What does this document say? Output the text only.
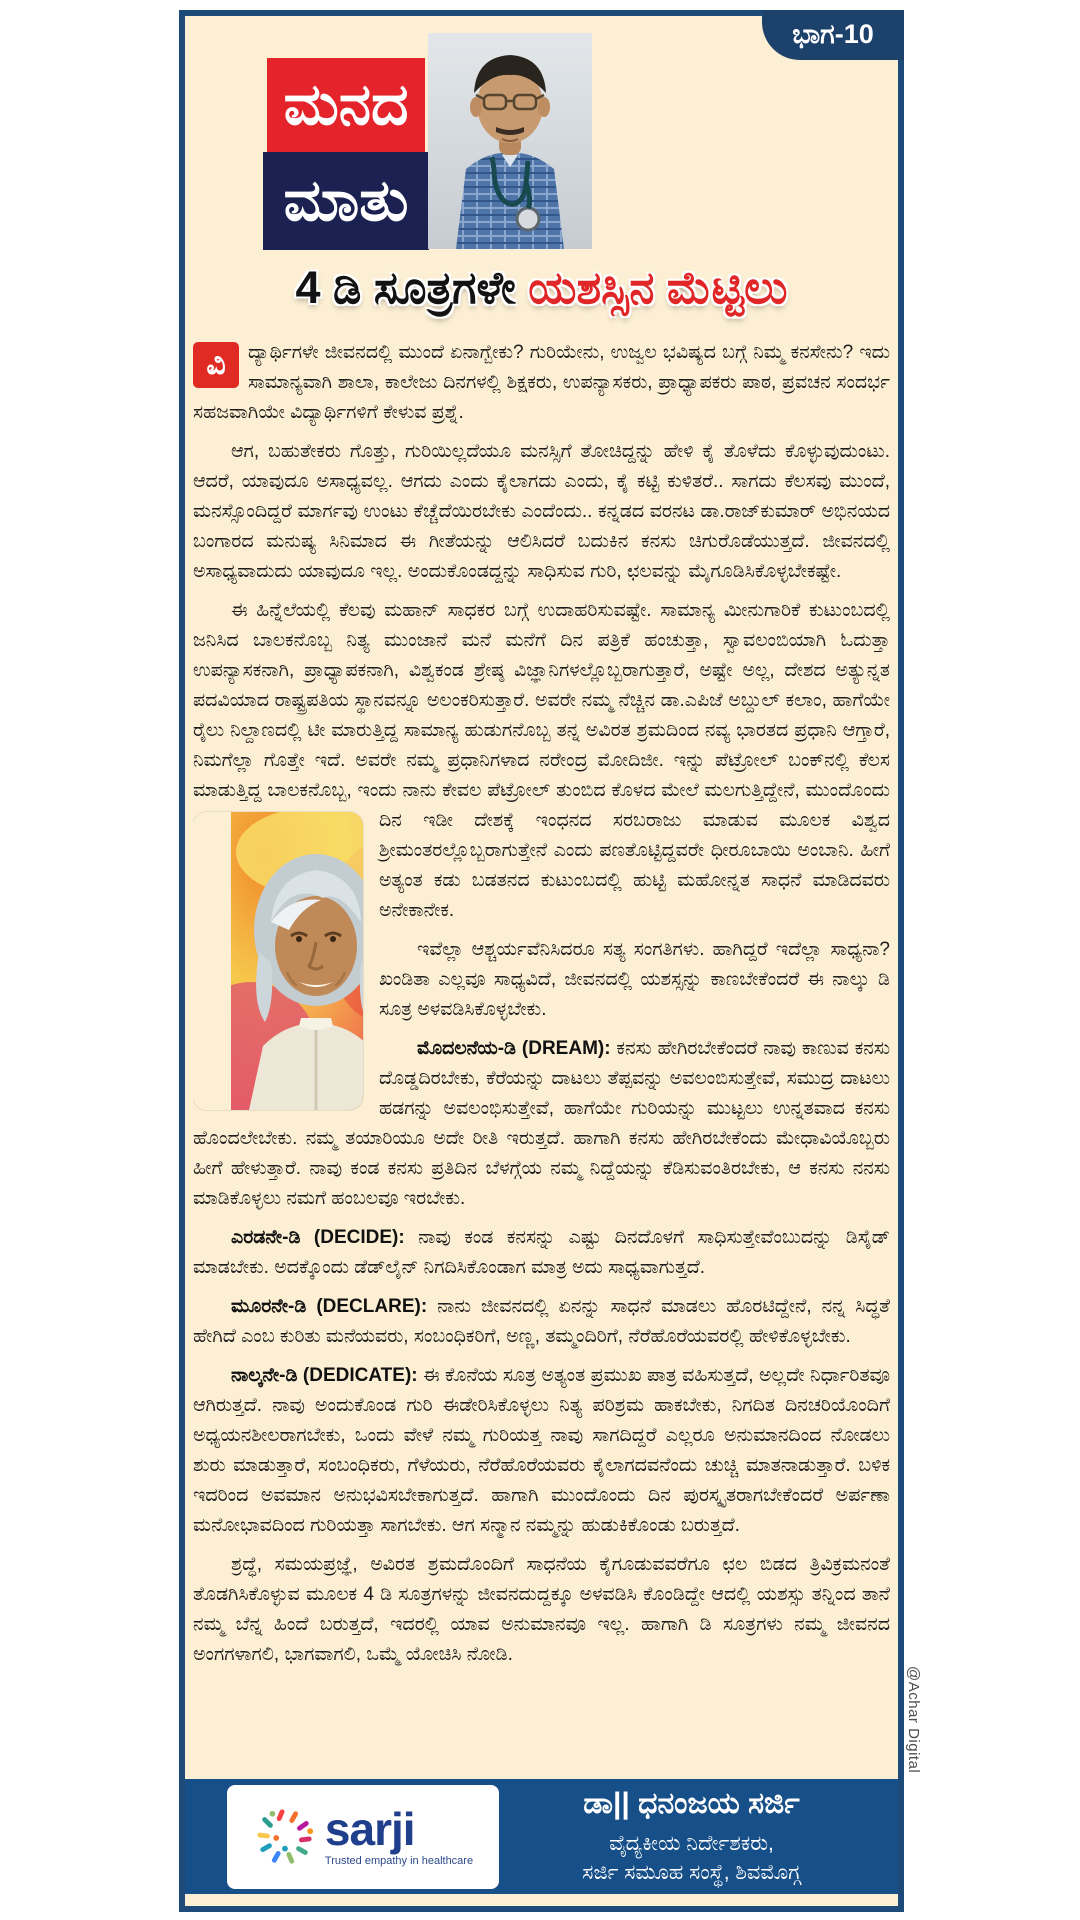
ಮನದ
ಮಾತು
ಭಾಗ-10
4 ಡಿ ಸೂತ್ರಗಳೇ ಯಶಸ್ಸಿನ ಮೆಟ್ಟಿಲು

ವಿ	ದ್ಯಾರ್ಥಿಗಳೇ ಜೀವನದಲ್ಲಿ ಮುಂದೆ ಏನಾಗ್ಬೇಕು? ಗುರಿಯೇನು, ಉಜ್ವಲ ಭವಿಷ್ಯದ ಬಗ್ಗೆ ನಿಮ್ಮ ಕನಸೇನು? ಇದು ಸಾಮಾನ್ಯವಾಗಿ ಶಾಲಾ, ಕಾಲೇಜು ದಿನಗಳಲ್ಲಿ ಶಿಕ್ಷಕರು, ಉಪನ್ಯಾಸಕರು, ಪ್ರಾಧ್ಯಾಪಕರು ಪಾಠ, ಪ್ರವಚನ ಸಂದರ್ಭ ಸಹಜವಾಗಿಯೇ ವಿದ್ಯಾರ್ಥಿಗಳಿಗೆ ಕೇಳುವ ಪ್ರಶ್ನೆ.

ಆಗ, ಬಹುತೇಕರು ಗೊತ್ತು, ಗುರಿಯಿಲ್ಲದೆಯೂ ಮನಸ್ಸಿಗೆ ತೋಚಿದ್ದನ್ನು ಹೇಳಿ ಕೈ ತೊಳೆದು ಕೊಳ್ಳುವುದುಂಟು. ಆದರೆ, ಯಾವುದೂ ಅಸಾಧ್ಯವಲ್ಲ. ಆಗದು ಎಂದು ಕೈಲಾಗದು ಎಂದು, ಕೈ ಕಟ್ಟಿ ಕುಳಿತರೆ.. ಸಾಗದು ಕೆಲಸವು ಮುಂದೆ, ಮನಸ್ಸೊಂದಿದ್ದರೆ ಮಾರ್ಗವು ಉಂಟು ಕೆಚ್ಚೆದೆಯಿರಬೇಕು ಎಂದೆಂದು.. ಕನ್ನಡದ ವರನಟ ಡಾ.ರಾಜ್‌ಕುಮಾರ್ ಅಭಿನಯದ ಬಂಗಾರದ ಮನುಷ್ಯ ಸಿನಿಮಾದ ಈ ಗೀತೆಯನ್ನು ಆಲಿಸಿದರೆ ಬದುಕಿನ ಕನಸು ಚಿಗುರೊಡೆಯುತ್ತದೆ. ಜೀವನದಲ್ಲಿ ಅಸಾಧ್ಯವಾದುದು ಯಾವುದೂ ಇಲ್ಲ. ಅಂದುಕೊಂಡದ್ದನ್ನು ಸಾಧಿಸುವ ಗುರಿ, ಛಲವನ್ನು ಮೈಗೂಡಿಸಿಕೊಳ್ಳಬೇಕಷ್ಟೇ.

ಈ ಹಿನ್ನೆಲೆಯಲ್ಲಿ ಕೆಲವು ಮಹಾನ್ ಸಾಧಕರ ಬಗ್ಗೆ ಉದಾಹರಿಸುವಷ್ಟೇ. ಸಾಮಾನ್ಯ ಮೀನುಗಾರಿಕೆ ಕುಟುಂಬದಲ್ಲಿ ಜನಿಸಿದ ಬಾಲಕನೊಬ್ಬ ನಿತ್ಯ ಮುಂಜಾನೆ ಮನೆ ಮನೆಗೆ ದಿನ ಪತ್ರಿಕೆ ಹಂಚುತ್ತಾ, ಸ್ವಾವಲಂಬಿಯಾಗಿ ಓದುತ್ತಾ ಉಪನ್ಯಾಸಕನಾಗಿ, ಪ್ರಾಧ್ಯಾಪಕನಾಗಿ, ವಿಶ್ವಕಂಡ ಶ್ರೇಷ್ಠ ವಿಜ್ಞಾನಿಗಳಲ್ಲೊಬ್ಬರಾಗುತ್ತಾರೆ, ಅಷ್ಟೇ ಅಲ್ಲ, ದೇಶದ ಅತ್ಯುನ್ನತ ಪದವಿಯಾದ ರಾಷ್ಟ್ರಪತಿಯ ಸ್ಥಾನವನ್ನೂ ಅಲಂಕರಿಸುತ್ತಾರೆ. ಅವರೇ ನಮ್ಮ ನೆಚ್ಚಿನ ಡಾ.ಎಪಿಜೆ ಅಬ್ದುಲ್ ಕಲಾಂ, ಹಾಗೆಯೇ ರೈಲು ನಿಲ್ದಾಣದಲ್ಲಿ ಟೀ ಮಾರುತ್ತಿದ್ದ ಸಾಮಾನ್ಯ ಹುಡುಗನೊಬ್ಬ ತನ್ನ ಅವಿರತ ಶ್ರಮದಿಂದ ನವ್ಯ ಭಾರತದ ಪ್ರಧಾನಿ ಆಗ್ತಾರೆ, ನಿಮಗೆಲ್ಲಾ ಗೊತ್ತೇ ಇದೆ. ಅವರೇ ನಮ್ಮ ಪ್ರಧಾನಿಗಳಾದ ನರೇಂದ್ರ ಮೋದಿಜೀ. ಇನ್ನು ಪೆಟ್ರೋಲ್ ಬಂಕ್‌ನಲ್ಲಿ ಕೆಲಸ ಮಾಡುತ್ತಿದ್ದ ಬಾಲಕನೊಬ್ಬ, ಇಂದು ನಾನು ಕೇವಲ ಪೆಟ್ರೋಲ್ ತುಂಬಿದ ಕೊಳದ ಮೇಲೆ ಮಲಗುತ್ತಿದ್ದೇನೆ, ಮುಂದೊಂದು ದಿನ ಇಡೀ ದೇಶಕ್ಕೆ ಇಂಧನದ ಸರಬರಾಜು ಮಾಡುವ ಮೂಲಕ ವಿಶ್ವದ
ಶ್ರೀಮಂತರಲ್ಲೊಬ್ಬರಾಗುತ್ತೇನೆ ಎಂದು ಪಣತೊಟ್ಟಿದ್ದವರೇ ಧೀರೂಬಾಯಿ ಅಂಬಾನಿ. ಹೀಗೆ ಅತ್ಯಂತ ಕಡು ಬಡತನದ ಕುಟುಂಬದಲ್ಲಿ ಹುಟ್ಟಿ ಮಹೋನ್ನತ ಸಾಧನೆ ಮಾಡಿದವರು ಅನೇಕಾನೇಕ.

ಇವೆಲ್ಲಾ ಆಶ್ಚರ್ಯವೆನಿಸಿದರೂ ಸತ್ಯ ಸಂಗತಿಗಳು. ಹಾಗಿದ್ದರೆ ಇದೆಲ್ಲಾ ಸಾಧ್ಯನಾ? ಖಂಡಿತಾ ಎಲ್ಲವೂ ಸಾಧ್ಯವಿದೆ, ಜೀವನದಲ್ಲಿ ಯಶಸ್ಸನ್ನು ಕಾಣಬೇಕೆಂದರೆ ಈ ನಾಲ್ಕು ಡಿ ಸೂತ್ರ ಅಳವಡಿಸಿಕೊಳ್ಳಬೇಕು.

ಮೊದಲನೆಯ-ಡಿ (DREAM): ಕನಸು ಹೇಗಿರಬೇಕೆಂದರೆ ನಾವು ಕಾಣುವ ಕನಸು ದೊಡ್ಡದಿರಬೇಕು, ಕೆರೆಯನ್ನು ದಾಟಲು ತೆಪ್ಪವನ್ನು ಅವಲಂಬಿಸುತ್ತೇವೆ, ಸಮುದ್ರ ದಾಟಲು ಹಡಗನ್ನು ಅವಲಂಭಿಸುತ್ತೇವೆ, ಹಾಗೆಯೇ ಗುರಿಯನ್ನು ಮುಟ್ಟಲು ಉನ್ನತವಾದ ಕನಸು ಹೊಂದಲೇಬೇಕು. ನಮ್ಮ ತಯಾರಿಯೂ ಅದೇ ರೀತಿ ಇರುತ್ತದೆ. ಹಾಗಾಗಿ ಕನಸು ಹೇಗಿರಬೇಕೆಂದು ಮೇಧಾವಿಯೊಬ್ಬರು ಹೀಗೆ ಹೇಳುತ್ತಾರೆ. ನಾವು ಕಂಡ ಕನಸು ಪ್ರತಿದಿನ ಬೆಳಗ್ಗೆಯ ನಮ್ಮ ನಿದ್ದೆಯನ್ನು ಕೆಡಿಸುವಂತಿರಬೇಕು, ಆ ಕನಸು ನನಸು ಮಾಡಿಕೊಳ್ಳಲು ನಮಗೆ ಹಂಬಲವೂ ಇರಬೇಕು.

ಎರಡನೇ-ಡಿ (DECIDE): ನಾವು ಕಂಡ ಕನಸನ್ನು ಎಷ್ಟು ದಿನದೊಳಗೆ ಸಾಧಿಸುತ್ತೇವೆಂಬುದನ್ನು ಡಿಸೈಡ್ ಮಾಡಬೇಕು. ಅದಕ್ಕೊಂದು ಡೆಡ್‌ಲೈನ್ ನಿಗದಿಸಿಕೊಂಡಾಗ ಮಾತ್ರ ಅದು ಸಾಧ್ಯವಾಗುತ್ತದೆ.

ಮೂರನೇ-ಡಿ (DECLARE): ನಾನು ಜೀವನದಲ್ಲಿ ಏನನ್ನು ಸಾಧನೆ ಮಾಡಲು ಹೊರಟಿದ್ದೇನೆ, ನನ್ನ ಸಿದ್ಧತೆ ಹೇಗಿದೆ ಎಂಬ ಕುರಿತು ಮನೆಯವರು, ಸಂಬಂಧಿಕರಿಗೆ, ಅಣ್ಣ, ತಮ್ಮಂದಿರಿಗೆ, ನೆರೆಹೊರೆಯವರಲ್ಲಿ ಹೇಳಿಕೊಳ್ಳಬೇಕು.

ನಾಲ್ಕನೇ-ಡಿ (DEDICATE): ಈ ಕೊನೆಯ ಸೂತ್ರ ಅತ್ಯಂತ ಪ್ರಮುಖ ಪಾತ್ರ ವಹಿಸುತ್ತದೆ, ಅಲ್ಲದೇ ನಿರ್ಧಾರಿತವೂ ಆಗಿರುತ್ತದೆ. ನಾವು ಅಂದುಕೊಂಡ ಗುರಿ ಈಡೇರಿಸಿಕೊಳ್ಳಲು ನಿತ್ಯ ಪರಿಶ್ರಮ ಹಾಕಬೇಕು, ನಿಗದಿತ ದಿನಚರಿಯೊಂದಿಗೆ ಅಧ್ಯಯನಶೀಲರಾಗಬೇಕು, ಒಂದು ವೇಳೆ ನಮ್ಮ ಗುರಿಯತ್ತ ನಾವು ಸಾಗದಿದ್ದರೆ ಎಲ್ಲರೂ ಅನುಮಾನದಿಂದ ನೋಡಲು ಶುರು ಮಾಡುತ್ತಾರೆ, ಸಂಬಂಧಿಕರು, ಗೆಳೆಯರು, ನೆರೆಹೊರೆಯವರು ಕೈಲಾಗದವನೆಂದು ಚುಚ್ಚಿ ಮಾತನಾಡುತ್ತಾರೆ. ಬಳಿಕ ಇದರಿಂದ ಅವಮಾನ ಅನುಭವಿಸಬೇಕಾಗುತ್ತದೆ. ಹಾಗಾಗಿ ಮುಂದೊಂದು ದಿನ ಪುರಸ್ಕೃತರಾಗಬೇಕೆಂದರೆ ಅರ್ಪಣಾ ಮನೋಭಾವದಿಂದ ಗುರಿಯತ್ತಾ ಸಾಗಬೇಕು. ಆಗ ಸನ್ಮಾನ ನಮ್ಮನ್ನು ಹುಡುಕಿಕೊಂಡು ಬರುತ್ತದೆ.

ಶ್ರದ್ಧೆ, ಸಮಯಪ್ರಜ್ಞೆ, ಅವಿರತ ಶ್ರಮದೊಂದಿಗೆ ಸಾಧನೆಯ ಕೈಗೂಡುವವರೆಗೂ ಛಲ ಬಿಡದ ತ್ರಿವಿಕ್ರಮನಂತೆ ತೊಡಗಿಸಿಕೊಳ್ಳುವ ಮೂಲಕ 4 ಡಿ ಸೂತ್ರಗಳನ್ನು ಜೀವನದುದ್ದಕ್ಕೂ ಅಳವಡಿಸಿ ಕೊಂಡಿದ್ದೇ ಆದಲ್ಲಿ ಯಶಸ್ಸು ತನ್ನಿಂದ ತಾನೆ ನಮ್ಮ ಬೆನ್ನ ಹಿಂದೆ ಬರುತ್ತದೆ, ಇದರಲ್ಲಿ ಯಾವ ಅನುಮಾನವೂ ಇಲ್ಲ. ಹಾಗಾಗಿ ಡಿ ಸೂತ್ರಗಳು ನಮ್ಮ ಜೀವನದ ಅಂಗಗಳಾಗಲಿ, ಭಾಗವಾಗಲಿ, ಒಮ್ಮೆ ಯೋಚಿಸಿ ನೋಡಿ.

sarji
Trusted empathy in healthcare
ಡಾ|| ಧನಂಜಯ ಸರ್ಜಿ
ವೈದ್ಯಕೀಯ ನಿರ್ದೇಶಕರು,
ಸರ್ಜಿ ಸಮೂಹ ಸಂಸ್ಥೆ, ಶಿವಮೊಗ್ಗ
@Achar Digital
